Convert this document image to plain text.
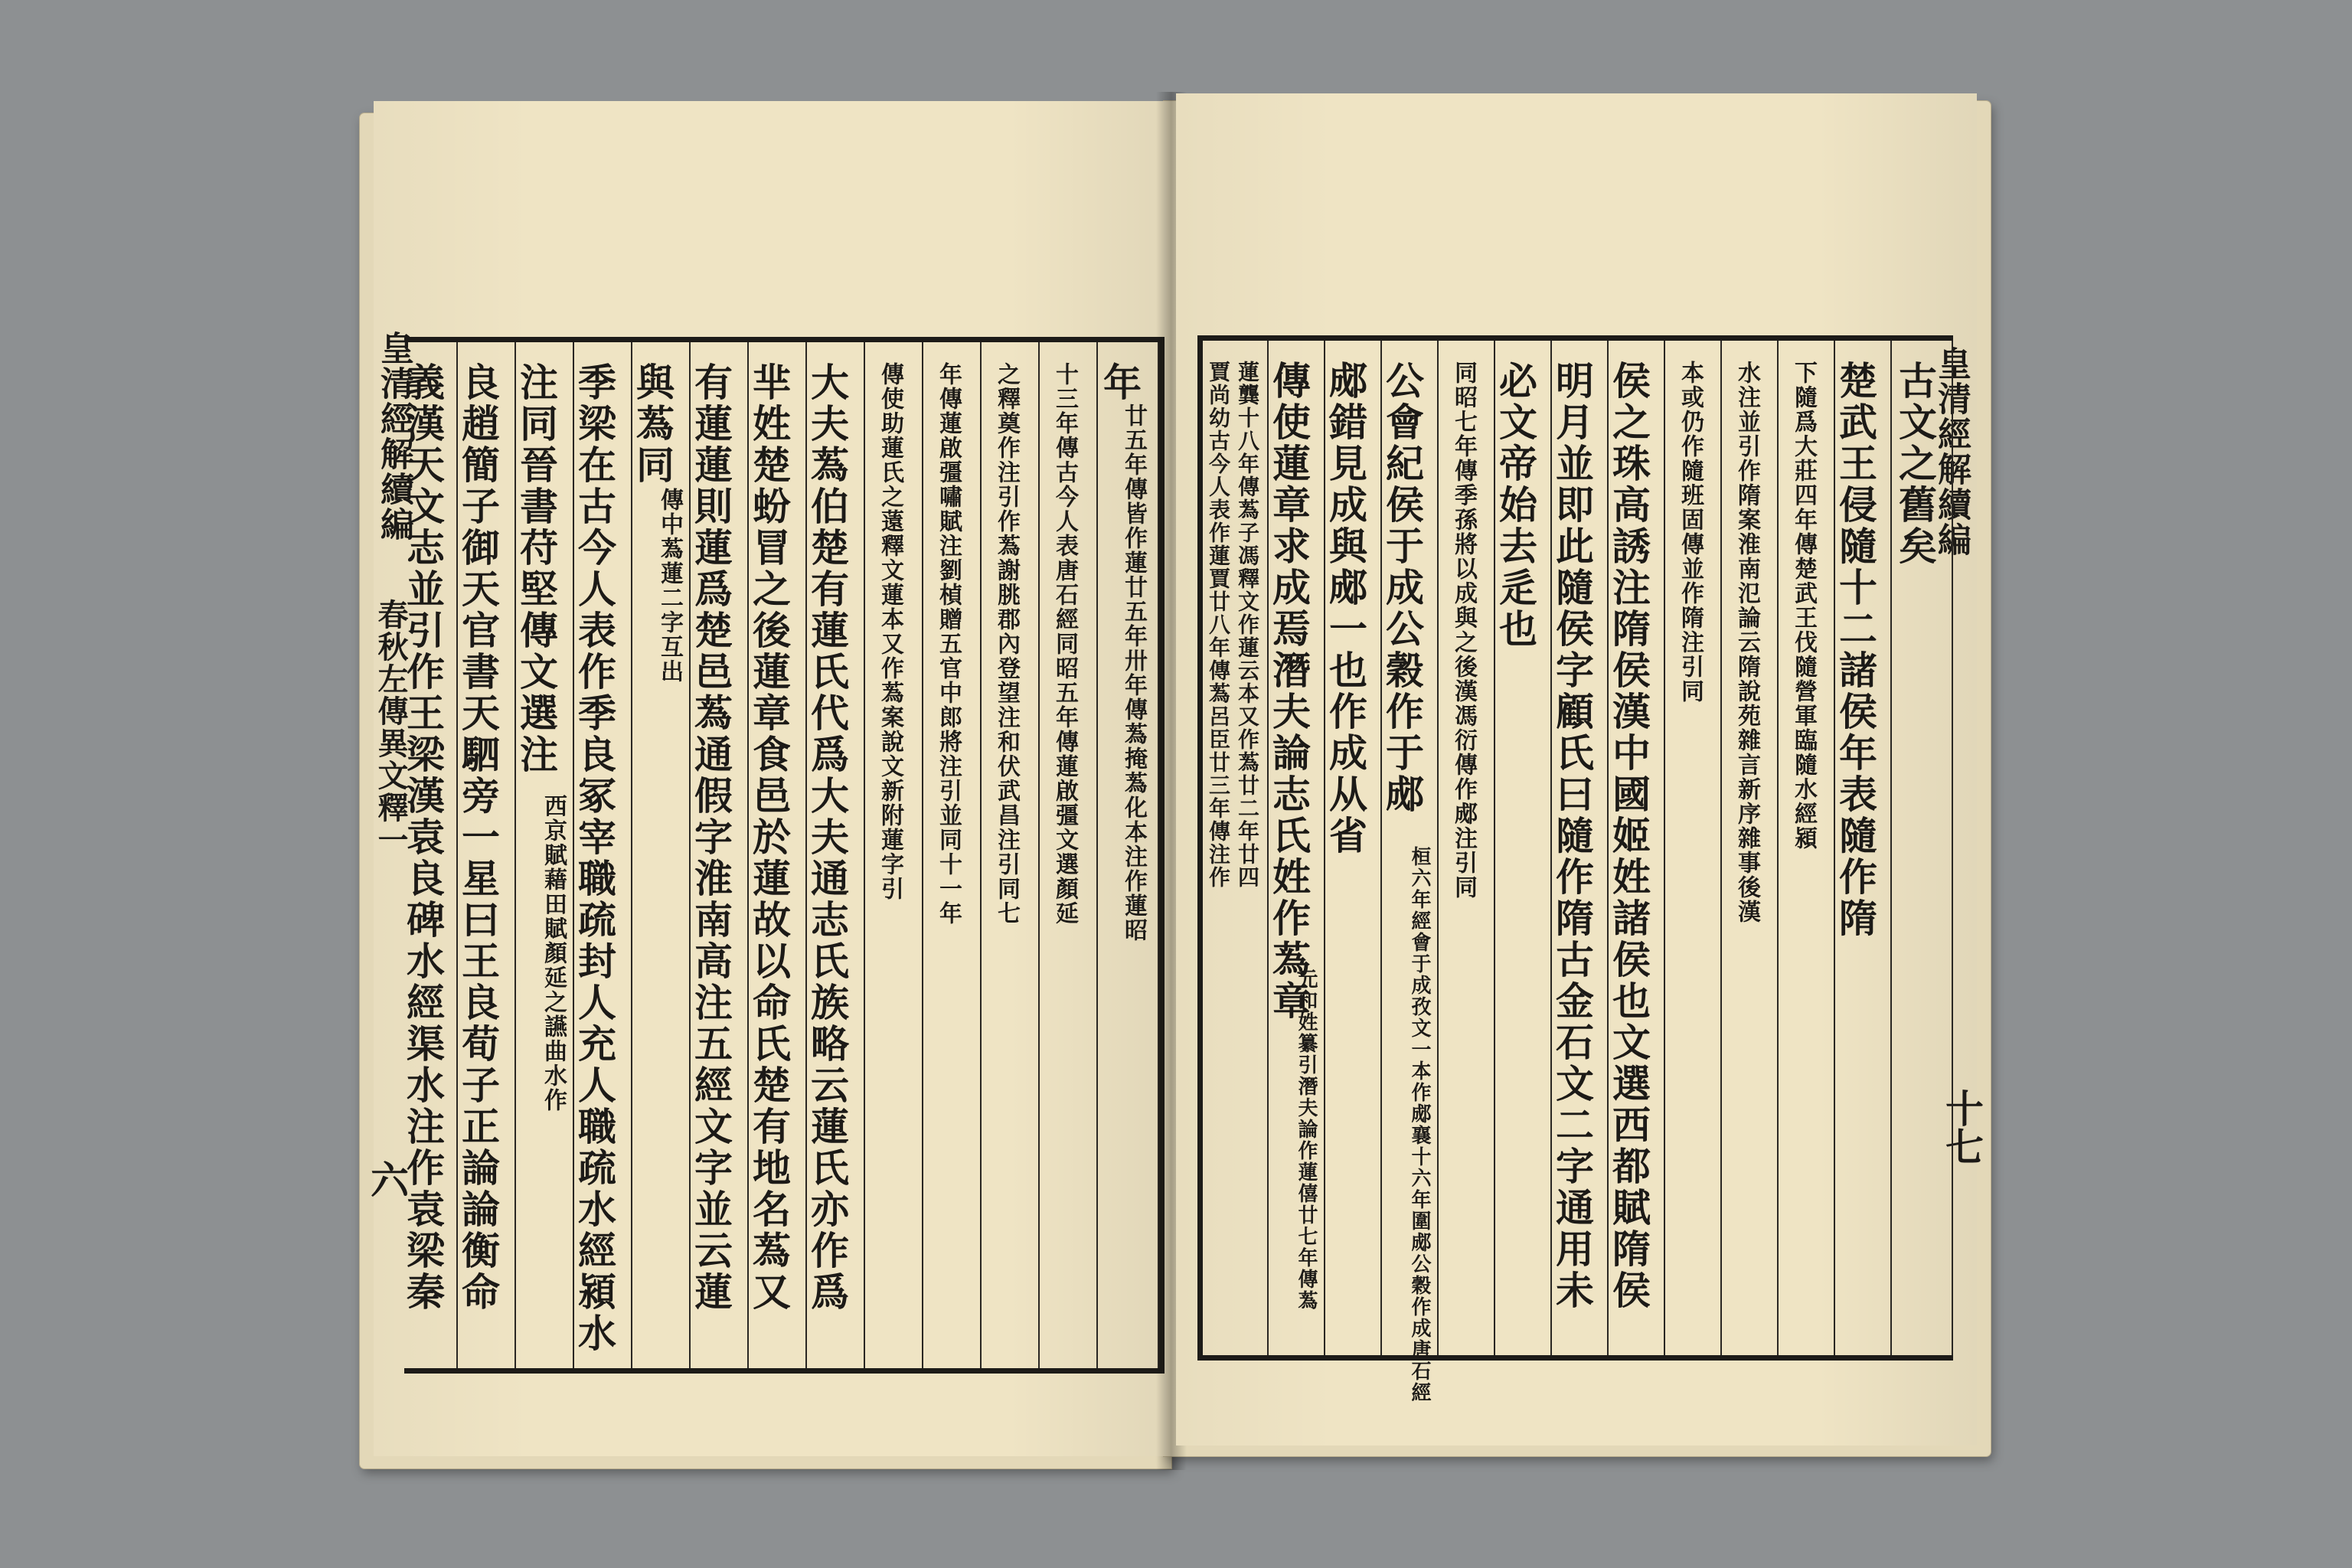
皇清經解續編
春秋左傳異文釋一
六
年
廿五年傳皆作蓮廿五年卅年傳蒍掩蒍化本注作蓮昭
十三年傳古今人表唐石經同昭五年傳蓮啟彊文選顏延
之釋奠作注引作蒍謝朓郡內登望注和伏武昌注引同七
年傳蓮啟彊嘯賦注劉楨贈五官中郎將注引並同十一年
傳使助蓮氏之薳釋文蓮本又作蒍案說文新附蓮字引
大夫蒍伯楚有蓮氏代爲大夫通志氏族略云蓮氏亦作爲
芈姓楚蚡冒之後蓮章食邑於蓮故以命氏楚有地名蒍又
有蓮蓮則蓮爲楚邑蒍通假字淮南高注五經文字並云蓮
與蒍同
傳中蒍蓮二字互出
季梁在古今人表作季良冢宰職疏封人充人職疏水經潁水
注同晉書苻堅傳文選注
西京賦藉田賦顏延之讌曲水作
良趙簡子御天官書天駟旁一星曰王良荀子正論論衡命
義漢天文志並引作王梁漢袁良碑水經渠水注作袁梁秦	皇清經解續編
十七
古文之舊矣
楚武王侵隨十二諸侯年表隨作隋
下隨爲大莊四年傳楚武王伐隨營軍臨隨水經潁
水注並引作隋案淮南氾論云隋說苑雜言新序雜事後漢
本或仍作隨班固傳並作隋注引同
侯之珠高誘注隋侯漢中國姬姓諸侯也文選西都賦隋侯
明月並即此隨侯字顧氏曰隨作隋古金石文二字通用未
必文帝始去辵也
同昭七年傳季孫將以成與之後漢馮衍傳作郕注引同
公會紀侯于成公穀作于郕
桓六年經會于成孜文一本作郕襄十六年圍郕公穀作成唐石經
郕錯見成與郕一也作成从省
傳使蓮章求成焉潛夫論志氏姓作蒍章
元和姓纂引潛夫論作蓮僖廿七年傳蒍
賈尚幼古今人表作蓮賈廿八年傳蒍呂臣廿三年傳注作 蓮龔十八年傳蒍子馮釋文作蓮云本又作蒍廿二年廿四
